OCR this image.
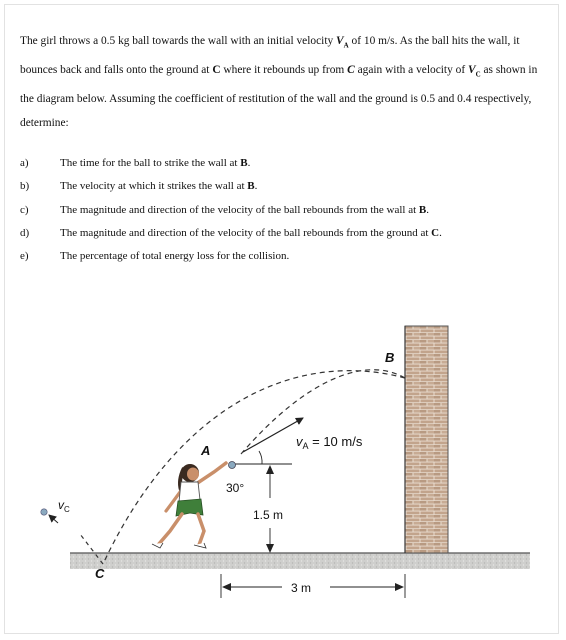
The girl throws a 0.5 kg ball towards the wall with an initial velocity $V_A$ of 10 m/s. As the ball hits the wall, it bounces back and falls onto the ground at C where it rebounds up from C again with a velocity of $V_C$ as shown in the diagram below. Assuming the coefficient of restitution of the wall and the ground is 0.5 and 0.4 respectively, determine:
a)	The time for the ball to strike the wall at B.
b)	The velocity at which it strikes the wall at B.
c)	The magnitude and direction of the velocity of the ball rebounds from the wall at B.
d)	The magnitude and direction of the velocity of the ball rebounds from the ground at C.
e)	The percentage of total energy loss for the collision.
A
B
C
$v_A = 10$ m/s
$v_C$
30°
1.5 m
3 m
